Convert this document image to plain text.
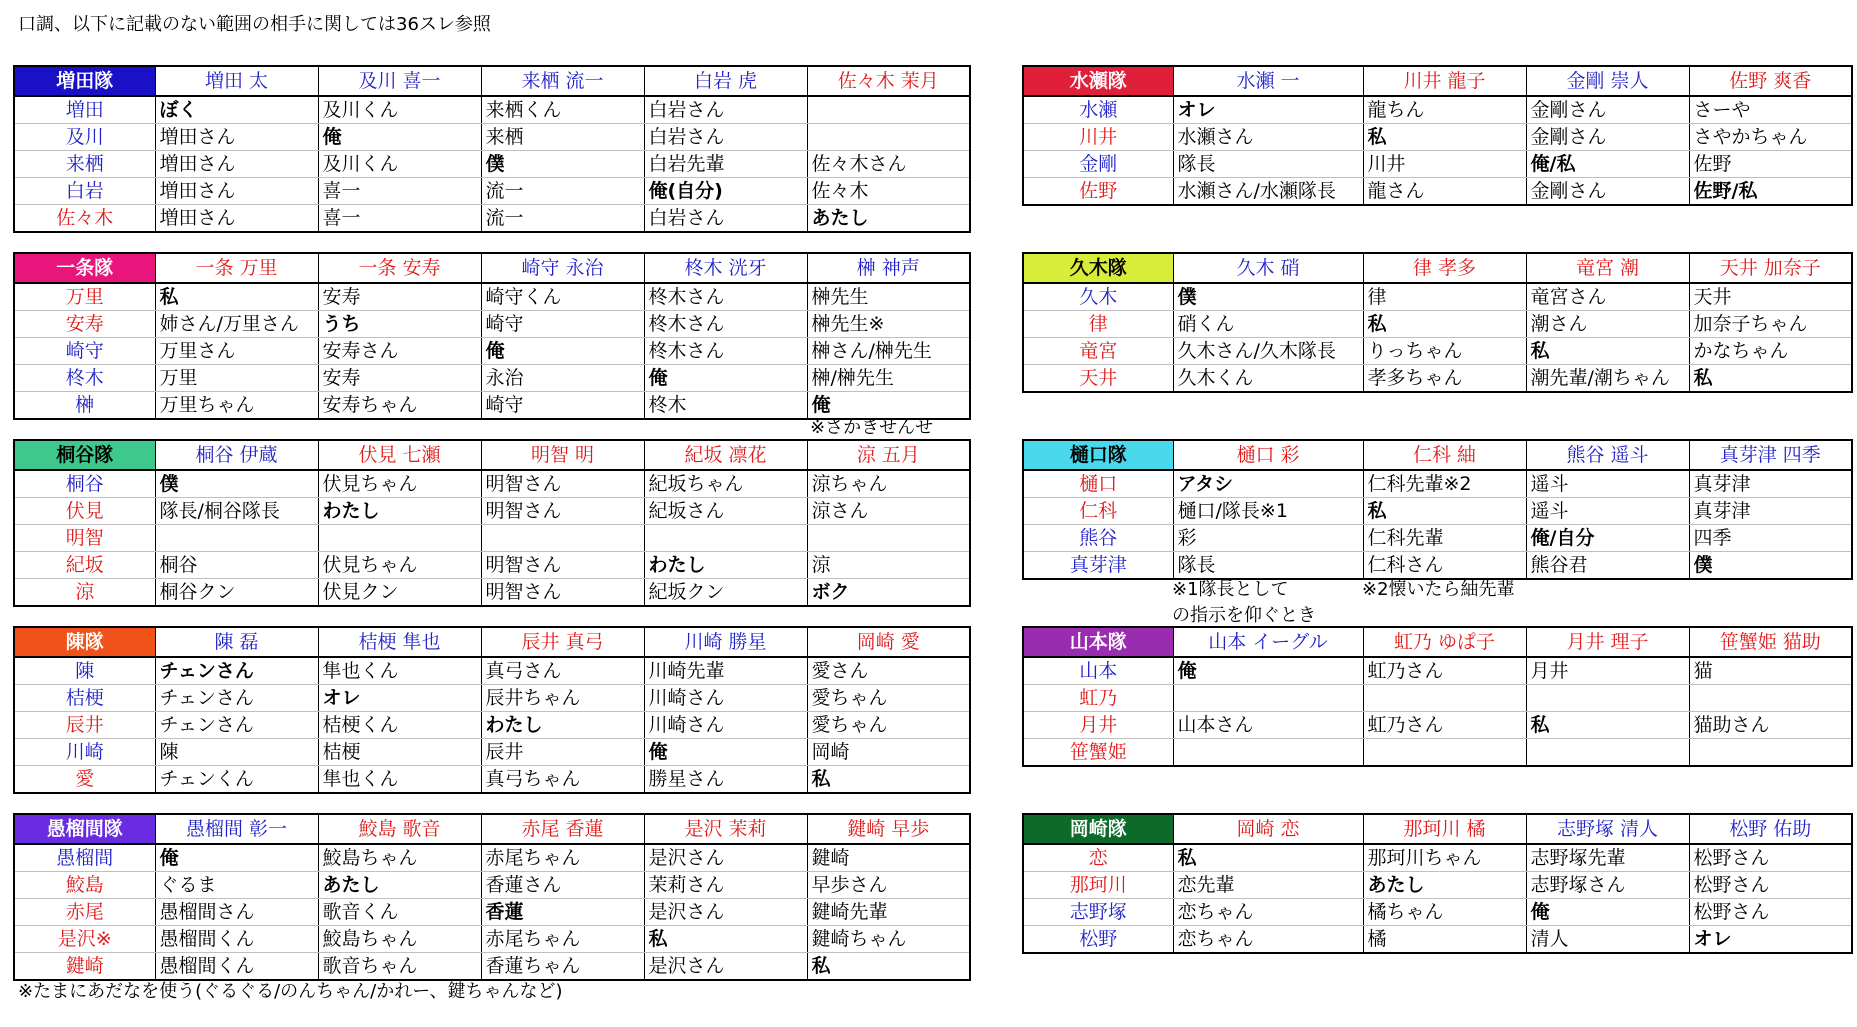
口調、以下に記載のない範囲の相手に関しては36スレ参照
増田隊	増田 太	及川 喜一	来栖 流一	白岩 虎	佐々木 茉月
増田	ぼく	及川くん	来栖くん	白岩さん	
及川	増田さん	俺	来栖	白岩さん	
来栖	増田さん	及川くん	僕	白岩先輩	佐々木さん
白岩	増田さん	喜一	流一	俺(自分)	佐々木
佐々木	増田さん	喜一	流一	白岩さん	あたし
一条隊	一条 万里	一条 安寿	崎守 永治	柊木 洸牙	榊 神声
万里	私	安寿	崎守くん	柊木さん	榊先生
安寿	姉さん/万里さん	うち	崎守	柊木さん	榊先生※
崎守	万里さん	安寿さん	俺	柊木さん	榊さん/榊先生
柊木	万里	安寿	永治	俺	榊/榊先生
榊	万里ちゃん	安寿ちゃん	崎守	柊木	俺
桐谷隊	桐谷 伊蔵	伏見 七瀬	明智 明	紀坂 凛花	涼 五月
桐谷	僕	伏見ちゃん	明智さん	紀坂ちゃん	涼ちゃん
伏見	隊長/桐谷隊長	わたし	明智さん	紀坂さん	涼さん
明智					
紀坂	桐谷	伏見ちゃん	明智さん	わたし	涼
涼	桐谷クン	伏見クン	明智さん	紀坂クン	ボク
陳隊	陳 磊	桔梗 隼也	辰井 真弓	川崎 勝星	岡崎 愛
陳	チェンさん	隼也くん	真弓さん	川崎先輩	愛さん
桔梗	チェンさん	オレ	辰井ちゃん	川崎さん	愛ちゃん
辰井	チェンさん	桔梗くん	わたし	川崎さん	愛ちゃん
川崎	陳	桔梗	辰井	俺	岡崎
愛	チェンくん	隼也くん	真弓ちゃん	勝星さん	私
愚榴間隊	愚榴間 彰一	鮫島 歌音	赤尾 香蓮	是沢 茉莉	鍵崎 早歩
愚榴間	俺	鮫島ちゃん	赤尾ちゃん	是沢さん	鍵崎
鮫島	ぐるま	あたし	香蓮さん	茉莉さん	早歩さん
赤尾	愚榴間さん	歌音くん	香蓮	是沢さん	鍵崎先輩
是沢※	愚榴間くん	鮫島ちゃん	赤尾ちゃん	私	鍵崎ちゃん
鍵崎	愚榴間くん	歌音ちゃん	香蓮ちゃん	是沢さん	私
水瀬隊	水瀬 一	川井 龍子	金剛 崇人	佐野 爽香
水瀬	オレ	龍ちん	金剛さん	さーや
川井	水瀬さん	私	金剛さん	さやかちゃん
金剛	隊長	川井	俺/私	佐野
佐野	水瀬さん/水瀬隊長	龍さん	金剛さん	佐野/私
久木隊	久木 硝	律 孝多	竜宮 潮	天井 加奈子
久木	僕	律	竜宮さん	天井
律	硝くん	私	潮さん	加奈子ちゃん
竜宮	久木さん/久木隊長	りっちゃん	私	かなちゃん
天井	久木くん	孝多ちゃん	潮先輩/潮ちゃん	私
樋口隊	樋口 彩	仁科 紬	熊谷 遥斗	真芽津 四季
樋口	アタシ	仁科先輩※2	遥斗	真芽津
仁科	樋口/隊長※1	私	遥斗	真芽津
熊谷	彩	仁科先輩	俺/自分	四季
真芽津	隊長	仁科さん	熊谷君	僕
山本隊	山本 イーグル	虹乃 ゆぱ子	月井 理子	笹蟹姫 猫助
山本	俺	虹乃さん	月井	猫
虹乃				
月井	山本さん	虹乃さん	私	猫助さん
笹蟹姫				
岡崎隊	岡崎 恋	那珂川 橘	志野塚 清人	松野 佑助
恋	私	那珂川ちゃん	志野塚先輩	松野さん
那珂川	恋先輩	あたし	志野塚さん	松野さん
志野塚	恋ちゃん	橘ちゃん	俺	松野さん
松野	恋ちゃん	橘	清人	オレ
※さかきせんせ
※1隊長として
の指示を仰ぐとき
※2懐いたら紬先輩
※たまにあだなを使う(ぐるぐる/のんちゃん/かれー、鍵ちゃんなど)
